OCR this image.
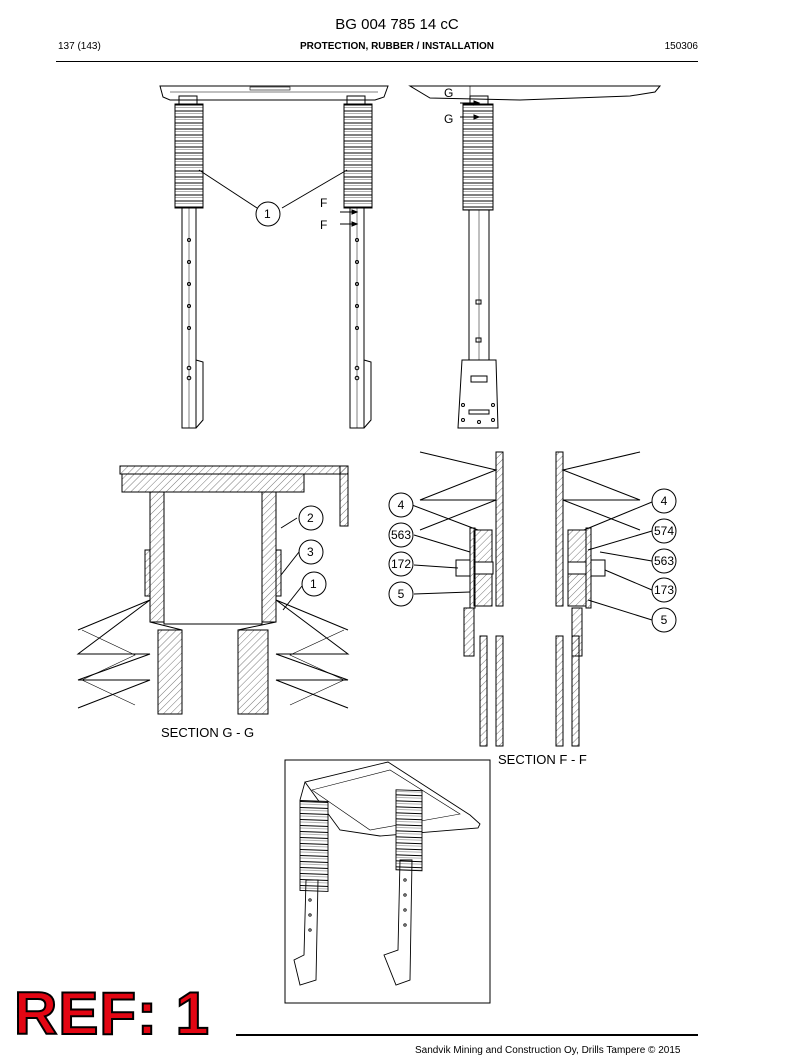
BG 004 785 14 cC
137 (143)	PROTECTION, RUBBER / INSTALLATION	150306
1
F
F
G
G
2
3
1
4
563
172
5
4
574
563
173
5
SECTION G - G
SECTION F - F
REF: 1
Sandvik Mining and Construction Oy, Drills Tampere © 2015
